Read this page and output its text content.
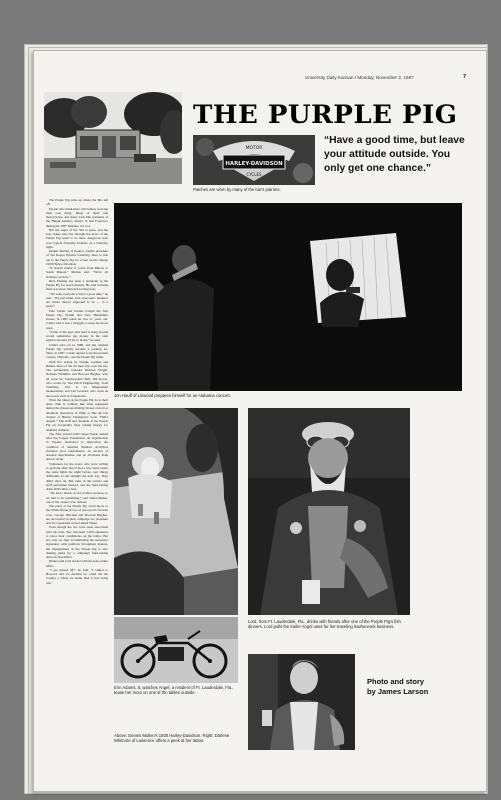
University Daily Kansan / Monday, November 2, 1987	7
THE PURPLE PIG
MOTOR
HARLEY-DAVIDSON
CYCLES
Patches are worn by many of the bar's patrons.
“Have a good time, but leave your attitude outside. You only get one chance.”

The Purple Pig picks up where the '60s left off.

People who drink there still believe in doing their own thing. Many of them ride motorcycles, and many look like residents of the Haight-Ashbury district in San Francisco during the 1967 Summer of Love.

But the sugar of the '60s is gone, and the easy riders who live through the doors of the Purple Pig seem to be more dangerous than your typical fraternity brothers on a Saturday night.

Dennis Mullen of Eudora, former president of Tau Kappa Epsilon fraternity, likes to ride out to the Purple Pig for a beer on his vintage 1930 Harley-Davidson.

“It doesn't matter if you're from Illinois or South Dakota,” Mullen said. “We're all brothers out here.”

Rick Ebeling has been a bartender at the Purple Pig for seven months. He said working there was more than just serving beer.

“We want everyone to have a good time,” he said. “We just make sure everyone's manners are where they're supposed to be — to a point.”

Pete Calder and friends bought the first Purple Pig, Eighth and New Hampshire streets, in 1985 when he was 21 years old. Calder said it was a struggle to keep the doors open.

“Some of the guys that used to hang around would sometimes put money in the cash register because I'd be so broke,” he said.

Calder sold out in 1986, and the original Purple Pig quickly became a parking lot. Then, in 1987, Calder agreed to let the present owners, Whit Inc., use the Purple Pig name.

Whit Inc. stands for Wright, Gardner and Rinker, three of the six men who own the bar. The partnership includes Richard Wright, Norman Whitmire and Howard Hughes, who all work for Southwestern Bell; Jim Kovar, who works for Sun Devil Engineering; Todd Trembley, who is an independent businessman; and Carl Leonard, who owns an auto parts store in Tonganoxie.

What the bikers at the Purple Pig do in their spare time is nothing like what happened during the disastrous Rolling Stones concert at Altamont Speedway in 1969, or like the last chapter of Hunter Thompson's book “Hell's Angels.” The staff and clientele of the Purple Pig are frequently busy raising money for disabled children.

The drive started with Copper Week, named after the Copper Foundation, an organization in Topeka dedicated to improving the condition of disabled children. Activities included pool tournaments, an auction of donated merchandise and an all-island male dancer revue.

Volunteers for the event, who were willing to perform after they'd had a few beers under the same lights the night before, saw things differently in the sunlight the next day. They didn't show up. But some of the owners and staff performed instead, and the fund-raising drive didn't miss a beat.

“We had a bunch of sad women out here, so we had to do something,” said James Rinker, one of the owners who danced.

The party at the Purple Pig could move to the White House if two of the resort's favorite sons, George Mitchell and Howard Hughes, are successful in their campaign for president and vice president of the United States.

Even though the two have been associated with the state, they still need 1,500 signatures to place their candidacies on the ballot. But not only are they accumulating the necessary signatures with petitions throughout Kansas, the management of the Purple Pig is also making plans for a campaign fund-raising dance in November.

Rinker said it all started with the lean-centre affair.

“I got pissed off,” he said. “I talked to Howard, and we decided we could run the country a whole lot better than it was being run.”

Jon Hauff of Linwood prepares himself for an Alabama concert.
Erin Adams, 8, watches Angel, a resident of Ft. Lauderdale, Fla., tease her mom on one of the tables outside.
Lord, from Ft. Lauderdale, Fla., drinks with friends after one of the Purple Pig's fish dinners. Lord pulls the trailer Angel uses for her traveling leatherwork business.
Above: Dennis Mullen's 1930 Harley-Davidson. Right: Darlene Whitmire of Lawrence offers a peek at her tattoo.
Photo and story
by James Larson
